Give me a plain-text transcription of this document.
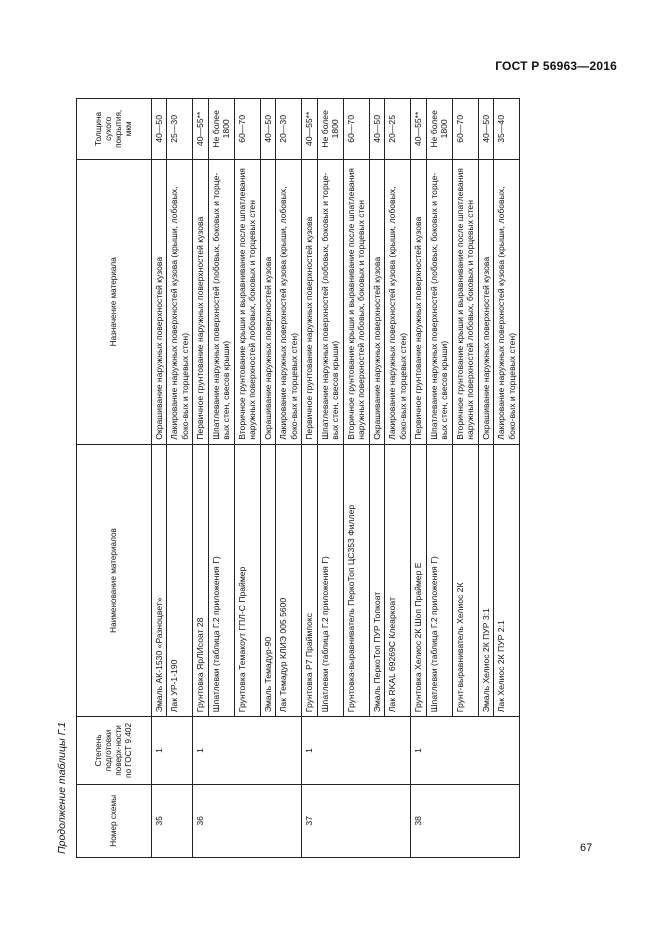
ГОСТ Р 56963—2016
Продолжение таблицы Г.1	Номер схемы	Степень подготовки поверх-ности по ГОСТ 9.402	Наименование материалов	Назначение материала	Толщина сухого покрытия, мкм
35	1	Эмаль АК-1530 «Разноцвет»	Окрашивание наружных поверхностей кузова	40—50
		Лак УР-1-190	Лакирование наружных поверхностей кузова (крыши, лобовых, боко-вых и торцевых стен)	25—30
36	1	Грунтовка ЯрЛИсоат 28	Первичное грунтование наружных поверхностей кузова	40—55**
		Шпатлевки (таблица Г.2 приложения Г)	Шпатлевание наружных поверхностей (лобовых, боковых и торце-вых стен, свесов крыши)	Не более 1800
		Грунтовка Темакоут ГПЛ-С Праймер	Вторичное грунтование крыши и выравнивание после шпатлевания наружных поверхностей лобовых, боковых и торцевых стен	60—70
		Эмаль Темадур-90	Окрашивание наружных поверхностей кузова	40—50
		Лак Темадур КЛИЭ 005 5600	Лакирование наружных поверхностей кузова (крыши, лобовых, боко-вых и торцевых стен)	20—30
37	1	Грунтовка Р7 Праймпокс	Первичное грунтование наружных поверхностей кузова	40—55**
		Шпатлевки (таблица Г.2 приложения Г)	Шпатлевание наружных поверхностей (лобовых, боковых и торце-вых стен, свесов крыши)	Не более 1800
		Грунтовка-выравниватель ПеркоТоп ЦС353 Филлер	Вторичное грунтование крыши и выравнивание после шпатлевания наружных поверхностей лобовых, боковых и торцевых стен	60—70
		Эмаль ПеркоТоп ПУР Топкоат	Окрашивание наружных поверхностей кузова	40—50
		Лак RKAL 69269С Клеаркоат	Лакирование наружных поверхностей кузова (крыши, лобовых, боко-вых и торцевых стен)	20—25
38	1	Грунтовка Хелиос 2К Шоп Праймер Е	Первичное грунтование наружных поверхностей кузова	40—55**
		Шпатлевки (таблица Г.2 приложения Г)	Шпатлевание наружных поверхностей (лобовых, боковых и торце-вых стен, свесов крыши)	Не более 1800
		Грунт-выравниватель Хелиос 2К	Вторичное грунтование крыши и выравнивание после шпатлевания наружных поверхностей лобовых, боковых и торцевых стен	60—70
		Эмаль Хелиос 2К ПУР 3:1	Окрашивание наружных поверхностей кузова	40—50
		Лак Хелиос 2К ПУР 2:1	Лакирование наружных поверхностей кузова (крыши, лобовых, боко-вых и торцевых стен)	35—40
67
